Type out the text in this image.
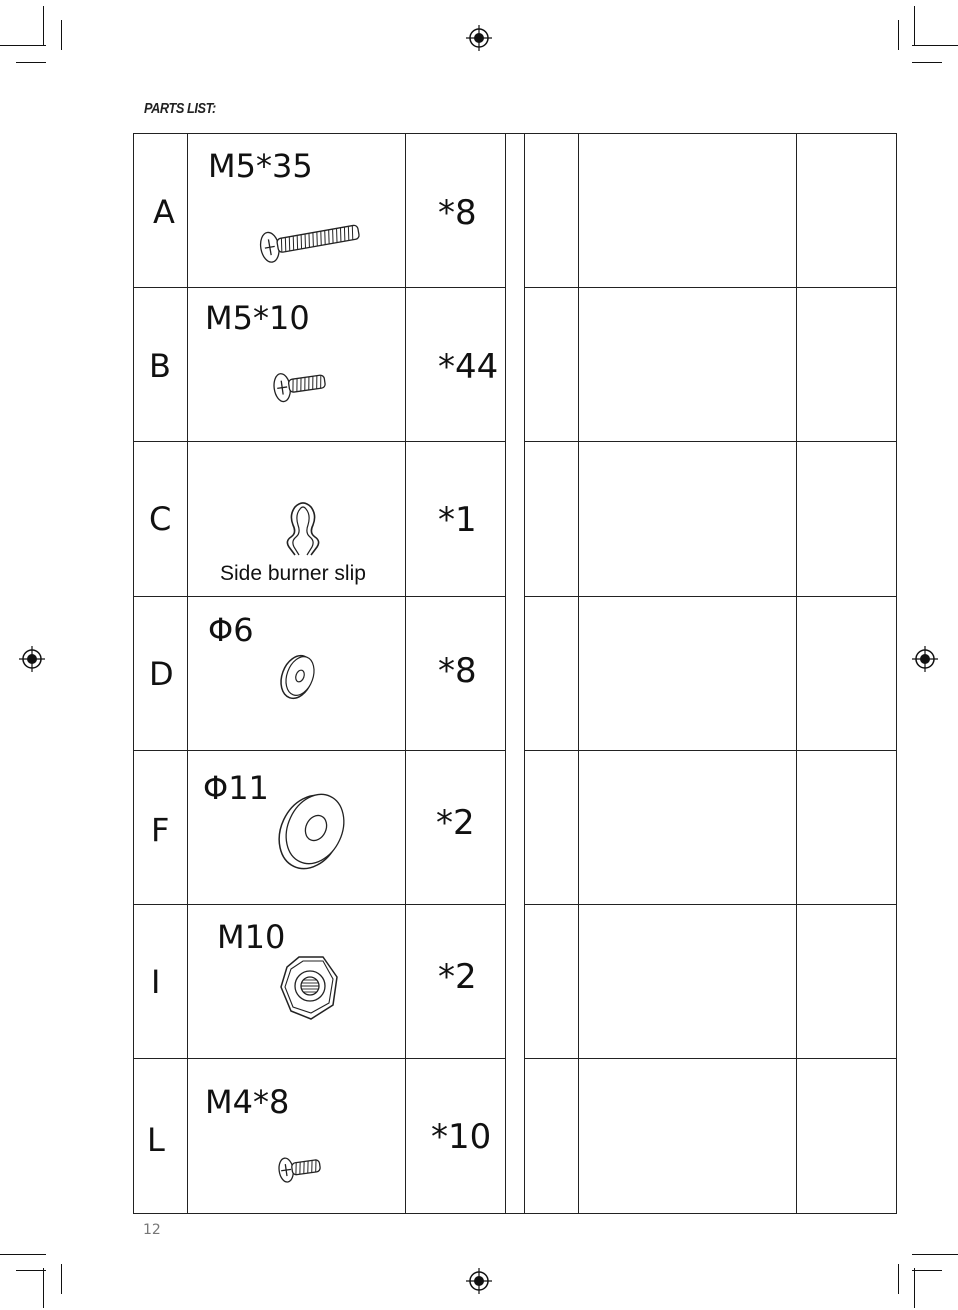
PARTS LIST:
A
M5*35
*8
B
M5*10
*44
C
Side burner slip
*1
D
Φ6
*8
F
Φ11
*2
I
M10
*2
L
M4*8
*10
12
